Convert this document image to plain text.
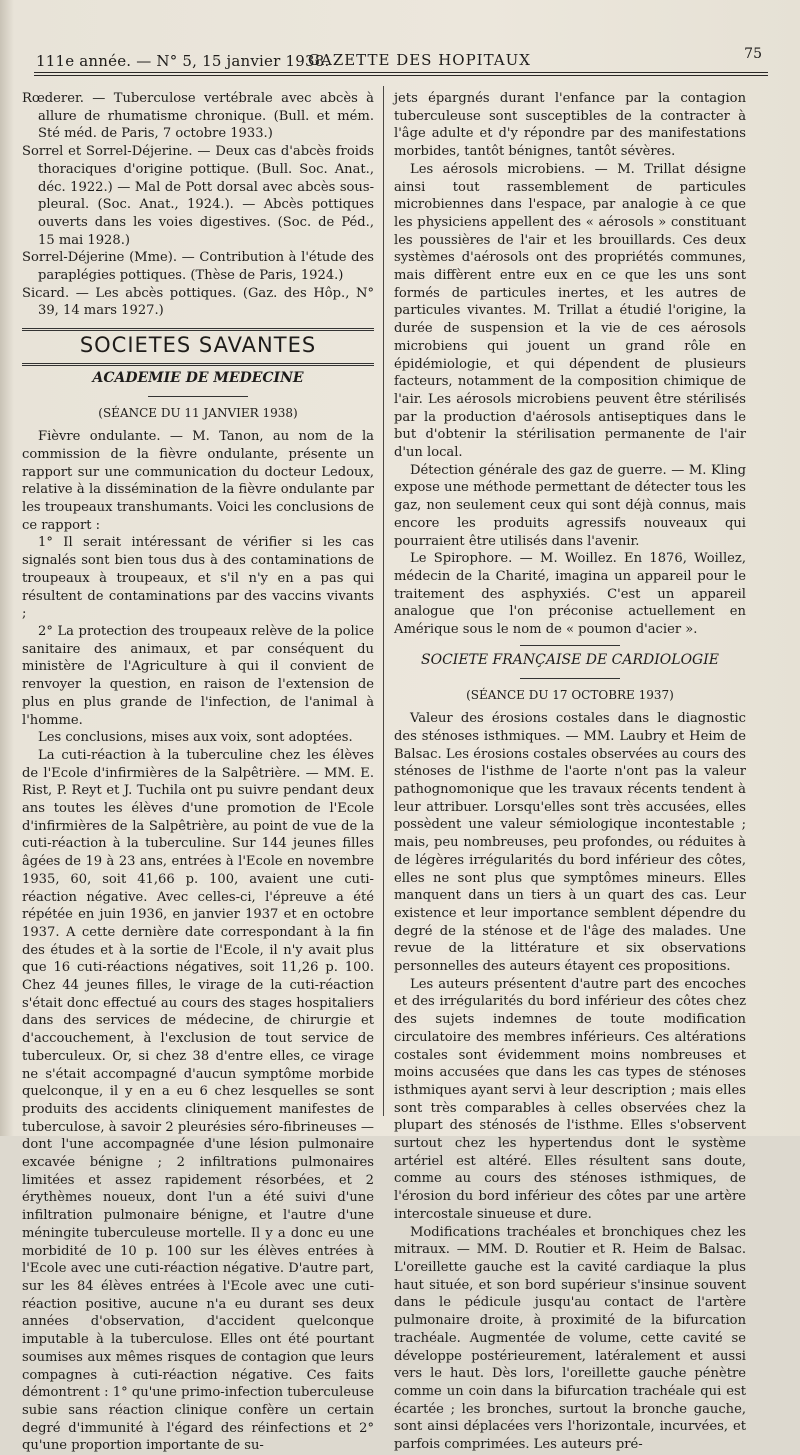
111e année. — N° 5, 15 janvier 1938.
GAZETTE DES HOPITAUX	75

Rœderer. — Tuberculose vertébrale avec abcès à allure de rhumatisme chronique. (Bull. et mém. Sté méd. de Paris, 7 octobre 1933.)

Sorrel et Sorrel-Déjerine. — Deux cas d'abcès froids thoraciques d'origine pottique. (Bull. Soc. Anat., déc. 1922.) — Mal de Pott dorsal avec abcès sous-pleural. (Soc. Anat., 1924.). — Abcès pottiques ouverts dans les voies digestives. (Soc. de Péd., 15 mai 1928.)

Sorrel-Déjerine (Mme). — Contribution à l'étude des paraplégies pottiques. (Thèse de Paris, 1924.)

Sicard. — Les abcès pottiques. (Gaz. des Hôp., N° 39, 14 mars 1927.)

SOCIETES SAVANTES
ACADEMIE DE MEDECINE
(SÉANCE DU 11 JANVIER 1938)

Fièvre ondulante. — M. Tanon, au nom de la commission de la fièvre ondulante, présente un rapport sur une communication du docteur Ledoux, relative à la dissémination de la fièvre ondulante par les troupeaux transhumants. Voici les conclusions de ce rapport :

1° Il serait intéressant de vérifier si les cas signalés sont bien tous dus à des contaminations de troupeaux à troupeaux, et s'il n'y en a pas qui résultent de contaminations par des vaccins vivants ;

2° La protection des troupeaux relève de la police sanitaire des animaux, et par conséquent du ministère de l'Agriculture à qui il convient de renvoyer la question, en raison de l'extension de plus en plus grande de l'infection, de l'animal à l'homme.

Les conclusions, mises aux voix, sont adoptées.

La cuti-réaction à la tuberculine chez les élèves de l'Ecole d'infirmières de la Salpêtrière. — MM. E. Rist, P. Reyt et J. Tuchila ont pu suivre pendant deux ans toutes les élèves d'une promotion de l'Ecole d'infirmières de la Salpêtrière, au point de vue de la cuti-réaction à la tuberculine. Sur 144 jeunes filles âgées de 19 à 23 ans, entrées à l'Ecole en novembre 1935, 60, soit 41,66 p. 100, avaient une cuti-réaction négative. Avec celles-ci, l'épreuve a été répétée en juin 1936, en janvier 1937 et en octobre 1937. A cette dernière date correspondant à la fin des études et à la sortie de l'Ecole, il n'y avait plus que 16 cuti-réactions négatives, soit 11,26 p. 100. Chez 44 jeunes filles, le virage de la cuti-réaction s'était donc effectué au cours des stages hospitaliers dans des services de médecine, de chirurgie et d'accouchement, à l'exclusion de tout service de tuberculeux. Or, si chez 38 d'entre elles, ce virage ne s'était accompagné d'aucun symptôme morbide quelconque, il y en a eu 6 chez lesquelles se sont produits des accidents cliniquement manifestes de tuberculose, à savoir 2 pleurésies séro-fibrineuses — dont l'une accompagnée d'une lésion pulmonaire excavée bénigne ; 2 infiltrations pulmonaires limitées et assez rapidement résorbées, et 2 érythèmes noueux, dont l'un a été suivi d'une infiltration pulmonaire bénigne, et l'autre d'une méningite tuberculeuse mortelle. Il y a donc eu une morbidité de 10 p. 100 sur les élèves entrées à l'Ecole avec une cuti-réaction négative. D'autre part, sur les 84 élèves entrées à l'Ecole avec une cuti-réaction positive, aucune n'a eu durant ses deux années d'observation, d'accident quelconque imputable à la tuberculose. Elles ont été pourtant soumises aux mêmes risques de contagion que leurs compagnes à cuti-réaction négative. Ces faits démontrent : 1° qu'une primo-infection tuberculeuse subie sans réaction clinique confère un certain degré d'immunité à l'égard des réinfections et 2° qu'une proportion importante de su-

jets épargnés durant l'enfance par la contagion tuberculeuse sont susceptibles de la contracter à l'âge adulte et d'y répondre par des manifestations morbides, tantôt bénignes, tantôt sévères.

Les aérosols microbiens. — M. Trillat désigne ainsi tout rassemblement de particules microbiennes dans l'espace, par analogie à ce que les physiciens appellent des « aérosols » constituant les poussières de l'air et les brouillards. Ces deux systèmes d'aérosols ont des propriétés communes, mais diffèrent entre eux en ce que les uns sont formés de particules inertes, et les autres de particules vivantes. M. Trillat a étudié l'origine, la durée de suspension et la vie de ces aérosols microbiens qui jouent un grand rôle en épidémiologie, et qui dépendent de plusieurs facteurs, notamment de la composition chimique de l'air. Les aérosols microbiens peuvent être stérilisés par la production d'aérosols antiseptiques dans le but d'obtenir la stérilisation permanente de l'air d'un local.

Détection générale des gaz de guerre. — M. Kling expose une méthode permettant de détecter tous les gaz, non seulement ceux qui sont déjà connus, mais encore les produits agressifs nouveaux qui pourraient être utilisés dans l'avenir.

Le Spirophore. — M. Woillez. En 1876, Woillez, médecin de la Charité, imagina un appareil pour le traitement des asphyxiés. C'est un appareil analogue que l'on préconise actuellement en Amérique sous le nom de « poumon d'acier ».

SOCIETE FRANÇAISE DE CARDIOLOGIE
(SÉANCE DU 17 OCTOBRE 1937)

Valeur des érosions costales dans le diagnostic des sténoses isthmiques. — MM. Laubry et Heim de Balsac. Les érosions costales observées au cours des sténoses de l'isthme de l'aorte n'ont pas la valeur pathognomonique que les travaux récents tendent à leur attribuer. Lorsqu'elles sont très accusées, elles possèdent une valeur sémiologique incontestable ; mais, peu nombreuses, peu profondes, ou réduites à de légères irrégularités du bord inférieur des côtes, elles ne sont plus que symptômes mineurs. Elles manquent dans un tiers à un quart des cas. Leur existence et leur importance semblent dépendre du degré de la sténose et de l'âge des malades. Une revue de la littérature et six observations personnelles des auteurs étayent ces propositions.

Les auteurs présentent d'autre part des encoches et des irrégularités du bord inférieur des côtes chez des sujets indemnes de toute modification circulatoire des membres inférieurs. Ces altérations costales sont évidemment moins nombreuses et moins accusées que dans les cas types de sténoses isthmiques ayant servi à leur description ; mais elles sont très comparables à celles observées chez la plupart des sténosés de l'isthme. Elles s'observent surtout chez les hypertendus dont le système artériel est altéré. Elles résultent sans doute, comme au cours des sténoses isthmiques, de l'érosion du bord inférieur des côtes par une artère intercostale sinueuse et dure.

Modifications trachéales et bronchiques chez les mitraux. — MM. D. Routier et R. Heim de Balsac. L'oreillette gauche est la cavité cardiaque la plus haut située, et son bord supérieur s'insinue souvent dans le pédicule jusqu'au contact de l'artère pulmonaire droite, à proximité de la bifurcation trachéale. Augmentée de volume, cette cavité se développe postérieurement, latéralement et aussi vers le haut. Dès lors, l'oreillette gauche pénètre comme un coin dans la bifurcation trachéale qui est écartée ; les bronches, surtout la bronche gauche, sont ainsi déplacées vers l'horizontale, incurvées, et parfois comprimées. Les auteurs pré-
